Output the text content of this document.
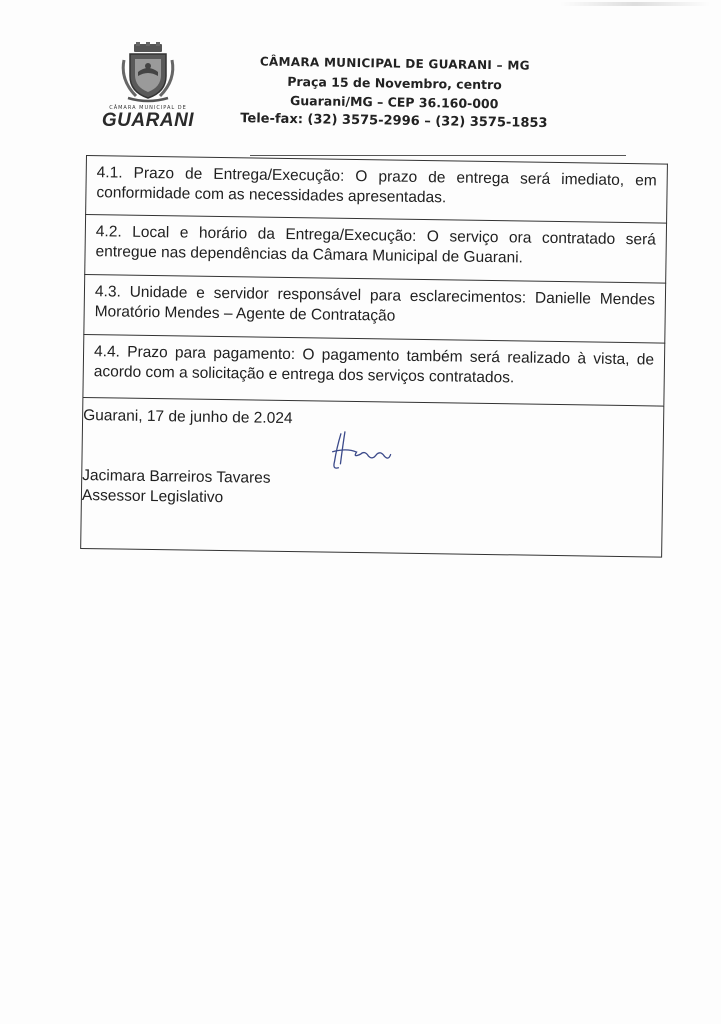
CÂMARA MUNICIPAL DE
GUARANI
CÂMARA MUNICIPAL DE GUARANI – MG
Praça 15 de Novembro, centro
Guarani/MG – CEP 36.160-000
Tele-fax: (32) 3575-2996 – (32) 3575-1853
4.1. Prazo de Entrega/Execução: O prazo de entrega será imediato, em conformidade com as necessidades apresentadas.
4.2. Local e horário da Entrega/Execução: O serviço ora contratado será entregue nas dependências da Câmara Municipal de Guarani.
4.3. Unidade e servidor responsável para esclarecimentos: Danielle Mendes Moratório Mendes – Agente de Contratação
4.4. Prazo para pagamento: O pagamento também será realizado à vista, de acordo com a solicitação e entrega dos serviços contratados.
Guarani, 17 de junho de 2.024
Jacimara Barreiros Tavares
Assessor Legislativo
